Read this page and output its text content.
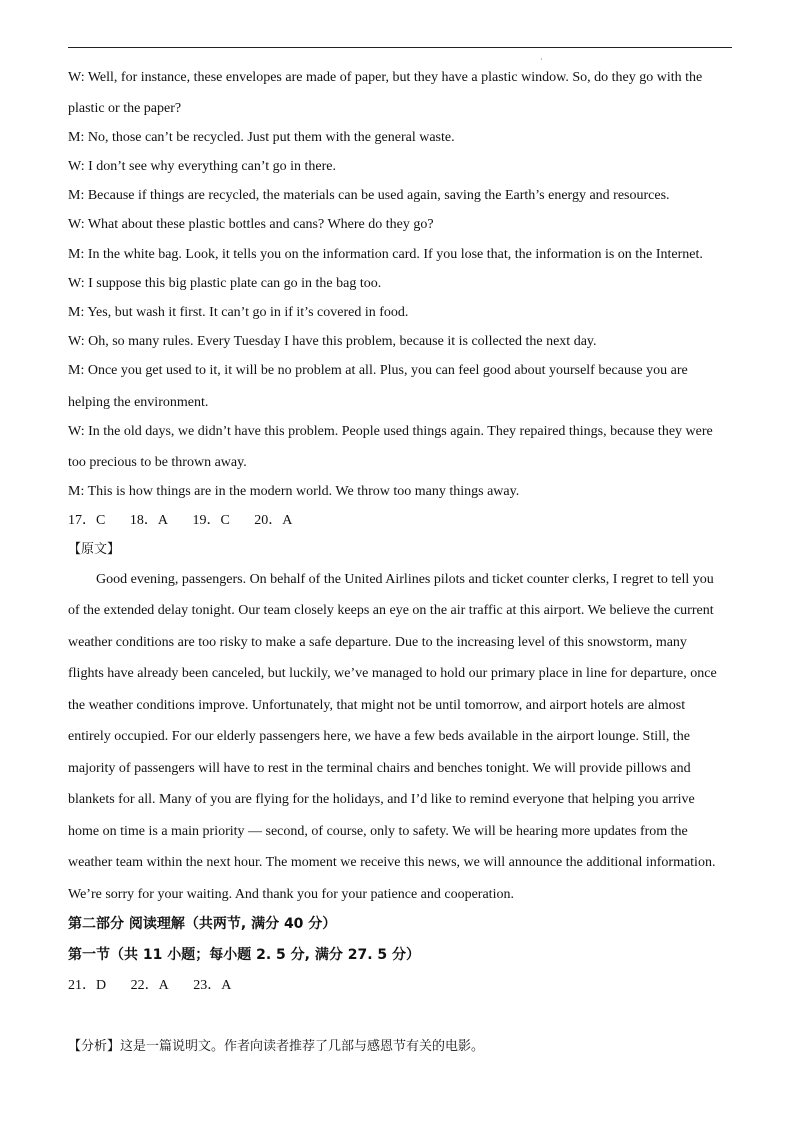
·
W: Well, for instance, these envelopes are made of paper, but they have a plastic window. So, do they go with the
plastic or the paper?
M: No, those can’t be recycled. Just put them with the general waste.
W: I don’t see why everything can’t go in there.
M: Because if things are recycled, the materials can be used again, saving the Earth’s energy and resources.
W: What about these plastic bottles and cans? Where do they go?
M: In the white bag. Look, it tells you on the information card. If you lose that, the information is on the Internet.
W: I suppose this big plastic plate can go in the bag too.
M: Yes, but wash it first. It can’t go in if it’s covered in food.
W: Oh, so many rules. Every Tuesday I have this problem, because it is collected the next day.
M: Once you get used to it, it will be no problem at all. Plus, you can feel good about yourself because you are
helping the environment.
W: In the old days, we didn’t have this problem. People used things again. They repaired things, because they were
too precious to be thrown away.
M: This is how things are in the modern world. We throw too many things away.
17．C       18．A       19．C       20．A
【原文】
Good evening, passengers. On behalf of the United Airlines pilots and ticket counter clerks, I regret to tell you
of the extended delay tonight. Our team closely keeps an eye on the air traffic at this airport. We believe the current
weather conditions are too risky to make a safe departure. Due to the increasing level of this snowstorm, many
flights have already been canceled, but luckily, we’ve managed to hold our primary place in line for departure, once
the weather conditions improve. Unfortunately, that might not be until tomorrow, and airport hotels are almost
entirely occupied. For our elderly passengers here, we have a few beds available in the airport lounge. Still, the
majority of passengers will have to rest in the terminal chairs and benches tonight. We will provide pillows and
blankets for all. Many of you are flying for the holidays, and I’d like to remind everyone that helping you arrive
home on time is a main priority — second, of course, only to safety. We will be hearing more updates from the
weather team within the next hour. The moment we receive this news, we will announce the additional information.
We’re sorry for your waiting. And thank you for your patience and cooperation.
第二部分 阅读理解（共两节, 满分 40 分）
第一节（共 11 小题；每小题 2. 5 分, 满分 27. 5 分）
21．D       22．A       23．A
【分析】这是一篇说明文。作者向读者推荐了几部与感恩节有关的电影。
